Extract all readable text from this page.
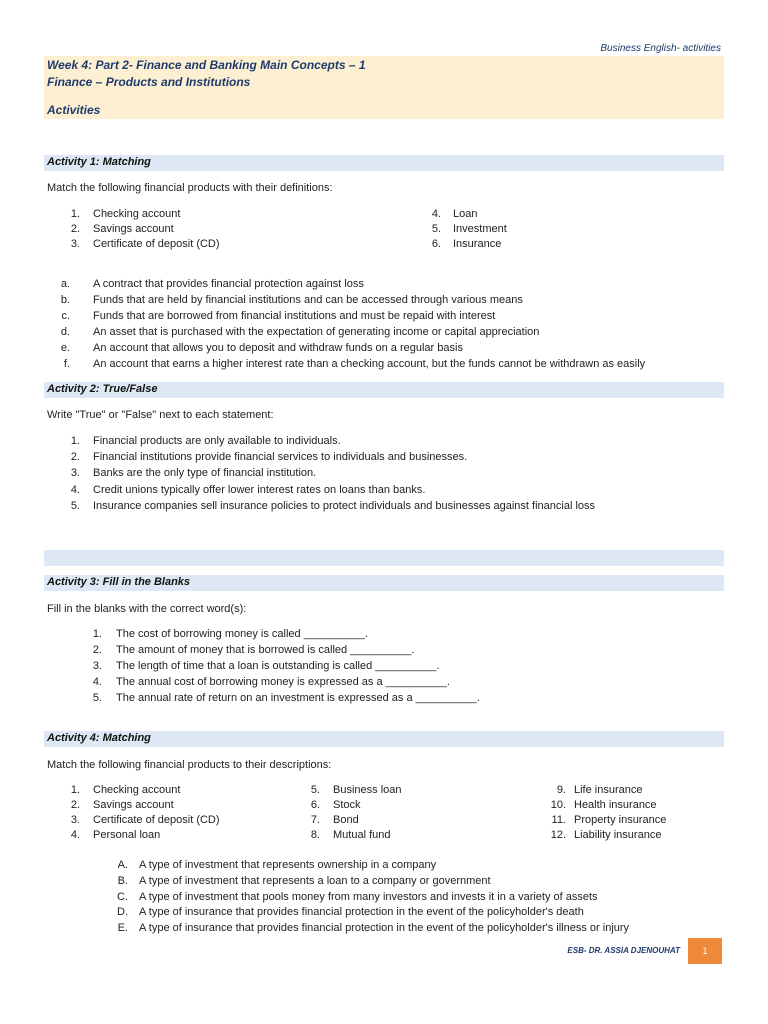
Business English- activities
Week 4: Part 2- Finance and Banking Main Concepts – 1
Finance – Products and Institutions
Activities
Activity 1: Matching
Match the following financial products with their definitions:
1. Checking account
2. Savings account
3. Certificate of deposit (CD)
4. Loan
5. Investment
6. Insurance
a. A contract that provides financial protection against loss
b. Funds that are held by financial institutions and can be accessed through various means
c. Funds that are borrowed from financial institutions and must be repaid with interest
d. An asset that is purchased with the expectation of generating income or capital appreciation
e. An account that allows you to deposit and withdraw funds on a regular basis
f. An account that earns a higher interest rate than a checking account, but the funds cannot be withdrawn as easily
Activity 2: True/False
Write "True" or "False" next to each statement:
1. Financial products are only available to individuals.
2. Financial institutions provide financial services to individuals and businesses.
3. Banks are the only type of financial institution.
4. Credit unions typically offer lower interest rates on loans than banks.
5. Insurance companies sell insurance policies to protect individuals and businesses against financial loss
Activity 3: Fill in the Blanks
Fill in the blanks with the correct word(s):
1. The cost of borrowing money is called __________.
2. The amount of money that is borrowed is called __________.
3. The length of time that a loan is outstanding is called __________.
4. The annual cost of borrowing money is expressed as a __________.
5. The annual rate of return on an investment is expressed as a __________.
Activity 4: Matching
Match the following financial products to their descriptions:
1. Checking account
2. Savings account
3. Certificate of deposit (CD)
4. Personal loan
5. Business loan
6. Stock
7. Bond
8. Mutual fund
9. Life insurance
10. Health insurance
11. Property insurance
12. Liability insurance
A. A type of investment that represents ownership in a company
B. A type of investment that represents a loan to a company or government
C. A type of investment that pools money from many investors and invests it in a variety of assets
D. A type of insurance that provides financial protection in the event of the policyholder's death
E. A type of insurance that provides financial protection in the event of the policyholder's illness or injury
ESB- DR. ASSIA DJENOUHAT	1
